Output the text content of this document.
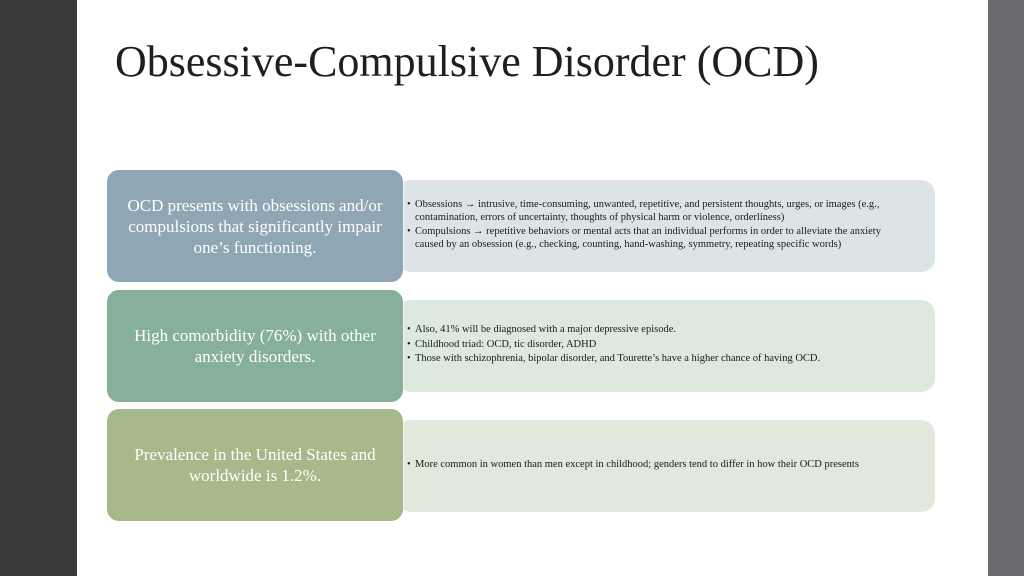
Obsessive-Compulsive Disorder (OCD)
• Obsessions → intrusive, time-consuming, unwanted, repetitive, and persistent thoughts, urges, or images (e.g., contamination, errors of uncertainty, thoughts of physical harm or violence, orderliness)
• Compulsions → repetitive behaviors or mental acts that an individual performs in order to alleviate the anxiety caused by an obsession (e.g., checking, counting, hand-washing, symmetry, repeating specific words)
OCD presents with obsessions and/or compulsions that significantly impair one’s functioning.
• Also, 41% will be diagnosed with a major depressive episode.
• Childhood triad: OCD, tic disorder, ADHD
• Those with schizophrenia, bipolar disorder, and Tourette’s have a higher chance of having OCD.
High comorbidity (76%) with other anxiety disorders.
• More common in women than men except in childhood; genders tend to differ in how their OCD presents
Prevalence in the United States and worldwide is 1.2%.
